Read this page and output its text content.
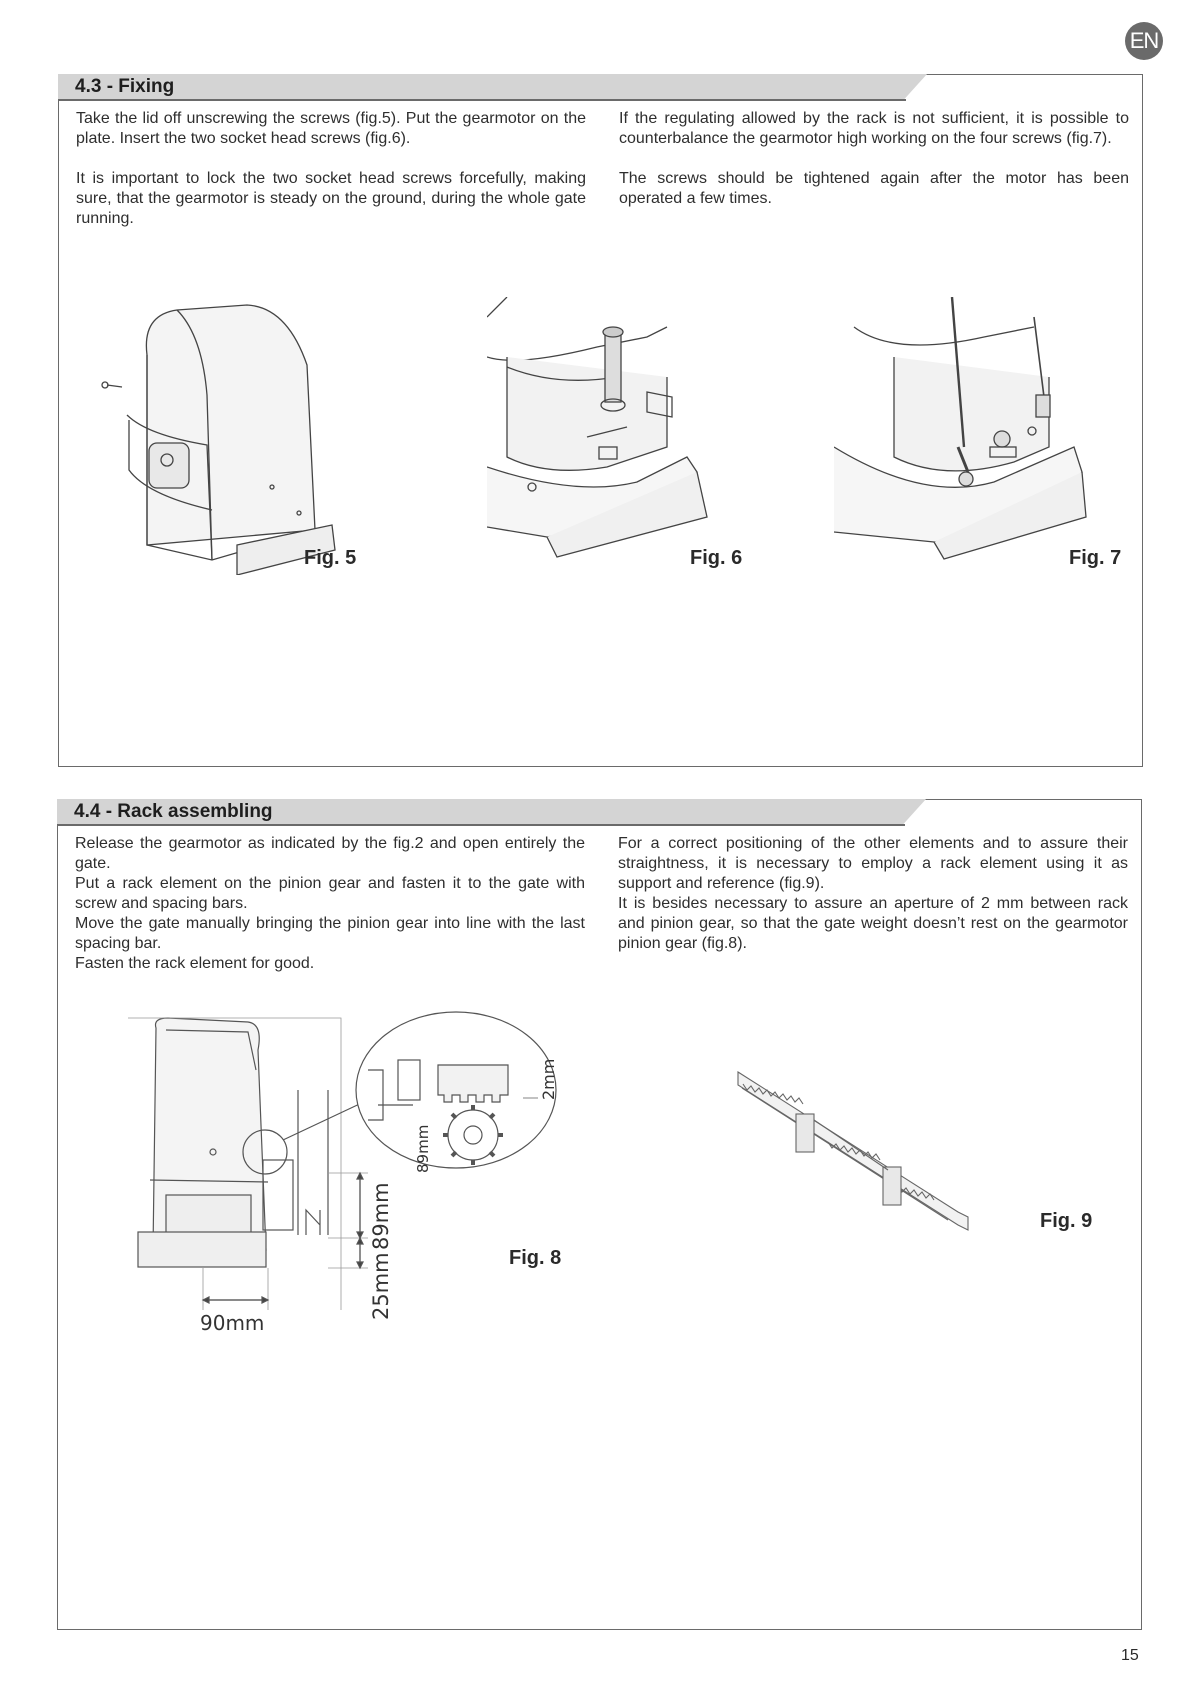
EN
4.3 - Fixing

Take the lid off unscrewing the screws (fig.5). Put the gearmotor on the plate. Insert the two socket head screws (fig.6).

It is important to lock the two socket head screws forcefully, making sure, that the gearmotor is steady on the ground, during the whole gate running.

If the regulating allowed by the rack is not sufficient, it is possible to counterbalance the gearmotor high working on the four screws (fig.7).

The screws should be tightened again after the motor has been operated a few times.

Fig. 5	Fig. 6	Fig. 7
4.4 - Rack assembling

Release the gearmotor as indicated by the fig.2 and open entirely the gate.

Put a rack element on the pinion gear and fasten it to the gate with screw and spacing bars.

Move the gate manually bringing the pinion gear into line with the last spacing bar.

Fasten the rack element for good.

For a correct positioning of the other elements and to assure their straightness, it is necessary to employ a rack element using it as support and reference (fig.9).

It is besides necessary to assure an aperture of 2 mm between rack and pinion gear, so that the gate weight doesn’t rest on the gearmotor pinion gear (fig.8).

90mm
25mm
89mm
89mm
2mm
Fig. 8
Fig. 9
15
